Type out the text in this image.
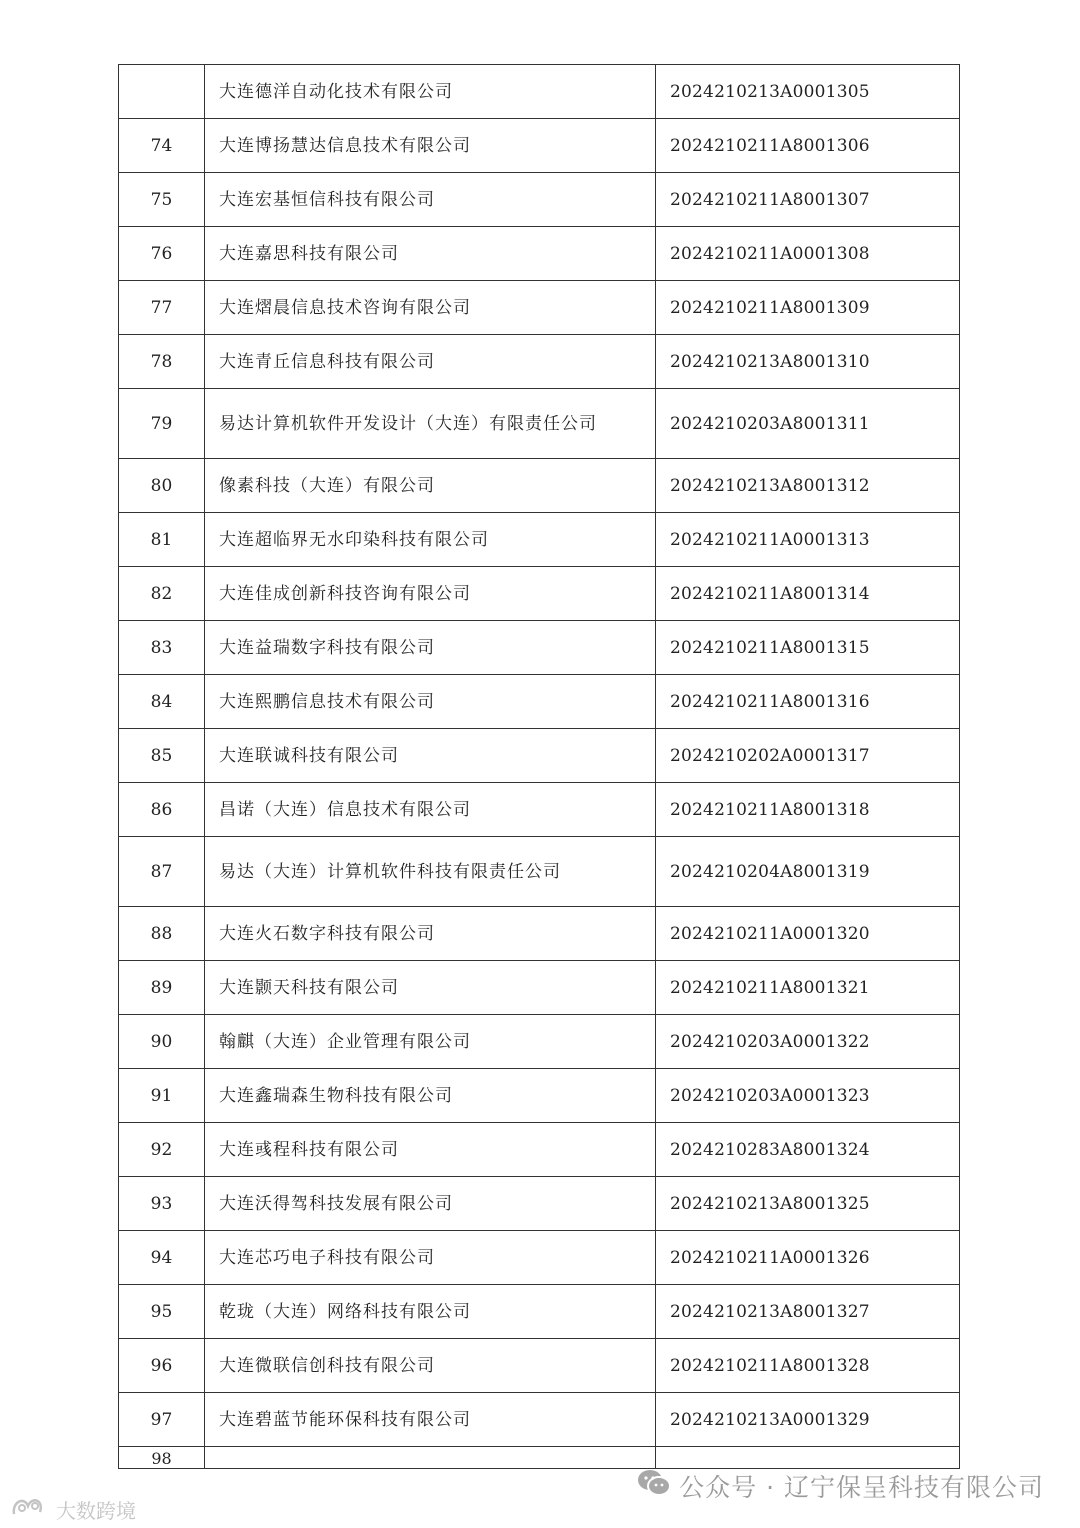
	大连德洋自动化技术有限公司	2024210213A0001305
74	大连博扬慧达信息技术有限公司	2024210211A8001306
75	大连宏基恒信科技有限公司	2024210211A8001307
76	大连嘉思科技有限公司	2024210211A0001308
77	大连熠晨信息技术咨询有限公司	2024210211A8001309
78	大连青丘信息科技有限公司	2024210213A8001310
79	易达计算机软件开发设计（大连）有限责任公司	2024210203A8001311
80	像素科技（大连）有限公司	2024210213A8001312
81	大连超临界无水印染科技有限公司	2024210211A0001313
82	大连佳成创新科技咨询有限公司	2024210211A8001314
83	大连益瑞数字科技有限公司	2024210211A8001315
84	大连熙鹏信息技术有限公司	2024210211A8001316
85	大连联诚科技有限公司	2024210202A0001317
86	昌诺（大连）信息技术有限公司	2024210211A8001318
87	易达（大连）计算机软件科技有限责任公司	2024210204A8001319
88	大连火石数字科技有限公司	2024210211A0001320
89	大连颢天科技有限公司	2024210211A8001321
90	翰麒（大连）企业管理有限公司	2024210203A0001322
91	大连鑫瑞森生物科技有限公司	2024210203A0001323
92	大连彧程科技有限公司	2024210283A8001324
93	大连沃得驾科技发展有限公司	2024210213A8001325
94	大连芯巧电子科技有限公司	2024210211A0001326
95	乾珑（大连）网络科技有限公司	2024210213A8001327
96	大连微联信创科技有限公司	2024210211A8001328
97	大连碧蓝节能环保科技有限公司	2024210213A0001329
98		
公众号 · 辽宁保呈科技有限公司
大数跨境
